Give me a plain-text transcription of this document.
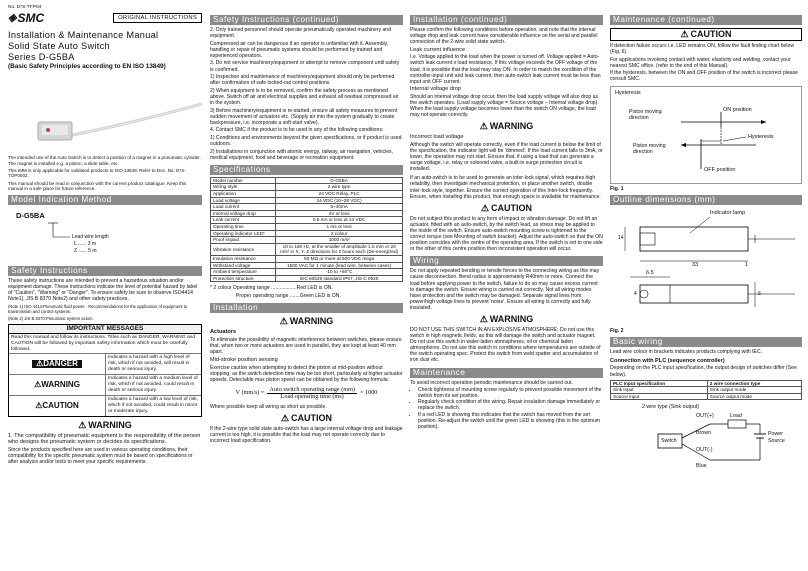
No. D*S-TFP04
◈ SMC	ORIGINAL INSTRUCTIONS
Installation & Maintenance Manual
Solid State Auto Switch
Series D-G5BA
(Basic Safety Principles according to EN ISO 13849)

The intended use of the Auto Switch is to detect a position of a magnet in a pneumatic cylinder. The magnet is installed e.g. a piston, a slide table, etc.

This IMM is only applicable for validated products to ISO 13849. Refer to Doc. No. D*S-TOP0002.

This manual should be read in conjunction with the current product catalogue. Keep this manual in a safe place for future reference.

Model Indication Method
D-G5BA
Lead wire length
L ...... 3 m
Z ...... 5 m
Safety Instructions

These safety instructions are intended to prevent a hazardous situation and/or equipment damage. These instructions indicate the level of potential hazard by label of "Caution", "Warning" or "Danger". To ensure safety be sure to observe ISO4414 Note1), JIS B 8370 Note2) and other safety practices.

(Note 1) ISO 4414:Pneumatic fluid power - Recommendations for the application of equipment to transmission and control systems.

(Note 2) JIS B 8370:Pneumatic system axiom.

IMPORTANT MESSAGES
Read this manual and follow its instructions. Titles such as DANGER, WARNING and CAUTION will be followed by important safety information which must be carefully followed.
⚠DANGER
Indicates a hazard with a high level of risk, which if not avoided, will result in death or serious injury.
⚠ WARNING
Indicates a hazard with a medium level of risk, which if not avoided, could result in death or serious injury.
⚠ CAUTION
Indicates a hazard with a low level of risk, which if not avoided, could result in minor or moderate injury.
⚠ WARNING

1. The compatibility of pneumatic equipment is the responsibility of the person who designs the pneumatic system or decides its specifications.

Since the products specified here are used in various operating conditions, their compatibility for the specific pneumatic system must be based on specifications or after analysis and/or tests to meet your specific requirements.

Safety Instructions (continued)

2. Only trained personnel should operate pneumatically operated machinery and equipment.

Compressed air can be dangerous if an operator is unfamiliar with it. Assembly, handling or repair of pneumatic systems should be performed by trained and experienced operators.

3. Do not service machinery/equipment or attempt to remove component until safety is confirmed.

1) Inspection and maintenance of machinery/equipment should only be performed after confirmation of safe locked-out control positions.

2) When equipment is to be removed, confirm the safety process as mentioned above. Switch off air and electrical supplies and exhaust all residual compressed air in the system.

3) Before machinery/equipment is re-started, ensure all safety measures to prevent sudden movement of actuators etc. (Supply air into the system gradually to create backpressure, i.e. incorporate a soft-start valve).

4. Contact SMC if the product is to be used in any of the following conditions:

1) Conditions and environments beyond the given specifications, or if product is used outdoors.

2) Installations in conjunction with atomic energy, railway, air navigation, vehicles, medical equipment, food and beverage or recreation equipment.

Specifications
Model number	D-G5BA
Wiring style	2 wire type
Application	24 VDC Relay, PLC
Load voltage	24 VDC (10~28 VDC)
Load current	5~40mA
Internal voltage drop	4V or less
Leak current	0.8 mA or less at 24 VDC
Operating time	1 ms or less
Operating indicator LED*	2 colour
Proof impact	1000 m/s²
Vibration resistance	10 to 150 Hz, at the smaller of amplitude 1.5 mm or 20 m/s² in X, Y, Z directions for 2 hours each (De-energized)
Insulation resistance	50 MΩ or more at 500 VDC mega
Withstand voltage	1500 VAC for 1 minute (lead wire, between cases)
Ambient temperature	-10 to +60°C
Protection structure	IEC 60529 standard IP67, JIS C 0920

* 2 colour Operating range ..................Red LED is ON.

Proper operating range .......Green LED is ON.

Installation
⚠ WARNING

Actuators

To eliminate the possibility of magnetic interference between switches, please ensure that, when two or more actuators are used in parallel, they are kept at least 40 mm apart.

Mid-stroke position sensing

Exercise caution when attempting to detect the piston at mid-position without stopping, as the switch detection time may be too short, particularly at higher actuator speeds. Detectable max piston speed can be obtained by the following formula:

V (mm/s) =
Auto switch operating range (mm)
Load operating time (ms)
× 1000

Where possible keep all wiring as short as possible.

⚠ CAUTION

If the 2-wire type solid state auto-switch has a large internal voltage drop and leakage current is too high, it is possible that the load may not operate correctly due to incorrect load specification.

Installation (continued)

Please confirm the following conditions before operation, and note that the internal voltage drop and leak current have considerable influence on the serial and parallel connection of the 2-wire solid state switch.

Leak current influence

I.e. Voltage applied to the load when the power is turned off. Voltage applied = Auto-switch leak current x load resistance. If this voltage exceeds the OFF voltage of the load, it is possible that the load may stay ON. In order to match the condition of the controller-input unit and leak current, then auto-switch leak current must be less than input unit OFF current.

Internal voltage drop

Should an internal voltage drop occur, then the load supply voltage will also drop as the switch operates. (Load supply voltage = Source voltage – Internal voltage drop). When the load supply voltage becomes lower than the switch ON voltage, the load may not operate correctly.

⚠ WARNING

Incorrect load voltage

Although the switch will operate correctly, even if the load current is below the limit of the specification, the indicator light will be 'dimmed'. If the load current falls to 3mA, or lower, the operation may not start. Ensure that, if using a load that can generate a surge voltage, i.e. relay or solenoid valve, a built-in surge protection circuit is installed.

If an auto-switch is to be used to generate an inter-lock signal, which requires high reliability, then investigate mechanical protection, or place another switch, double inter-lock style, together. Ensure the correct operation of this Inter-lock frequently. Ensure, when installing this product, that enough space is available for maintenance.

⚠ CAUTION

Do not subject this product to any form of impact or vibration damage. Do not lift an actuator, fitted with an auto-switch, by the switch lead, as stress may be applied to the inside of the switch. Ensure auto-switch mounting screw is tightened to the correct torque (see Mounting of switch bracket). Adjust the auto-switch so that the ON position coincides with the centre of the operating area. If the switch is set to one side or the other of this centre position then inconsistent operation will occur.

Wiring

Do not apply repeated bending or tensile forces to the connecting wiring as this may cause disconnection. Bend radius is approximately R40mm or more. Connect the load before applying power to the switch, failure to do so may cause excess current to damage the switch. Ensure wiring is carried out correctly. Not all wiring modes have protection and the switch may be damaged. Separate signal lines from power/high voltage lines to prevent 'noise'. Ensure all wiring is correctly and fully insulated.

⚠ WARNING

DO NOT USE THIS SWITCH IN AN EXPLOSIVE ATMOSPHERE: Do not use this switch in high magnetic fields, as this will damage the switch and actuator magnet. Do not use this switch in water-laden atmospheres, oil or chemical laden atmospheres. Do not use this switch in conditions where temperatures are outside of the switch operating spec. Protect the switch from weld spatter and accumulation of iron dust etc.

Maintenance

To avoid incorrect operation periodic maintenance should be carried out.

• Check tightness of mounting screw regularly to prevent possible movement of the switch from its set position.
• Regularly check condition of the wiring. Repair insulation damage immediately or replace the switch.
• If a red LED is showing this indicates that the switch has moved from the set position. Re-adjust the switch until the green LED is showing (this is the optimum position).
Maintenance (continued)
⚠ CAUTION

If detection failure occurs i.e. LED remains ON, follow the fault finding chart below (Fig. 6).

For applications involving contact with water, elasticity and welding, contact your nearest SMC office. (refer to the end of this Manual).

If the hysteresis, between the ON and OFF position of the switch is incorrect please consult SMC.

Hysteresis
Piston moving direction
ON position
Piston moving direction
Hysteresis
OFF position
Fig. 1
Outline dimensions (mm)
Indicator lamp
14
33	1
6.5
4	6
Fig. 2
Basic wiring

Lead wire colour in brackets indicates products complying with IEC.

Connection with PLC (sequence controller)

Depending on the PLC input specification, the output design of switches differ (See below).

PLC Input specification	2 wire connection type
Sink input	Sink output mode
Source input	Source output mode
2 wire type (Sink output)
OUT(+)
Brown
Load
Switch
OUT(-)
Blue
Power Source
